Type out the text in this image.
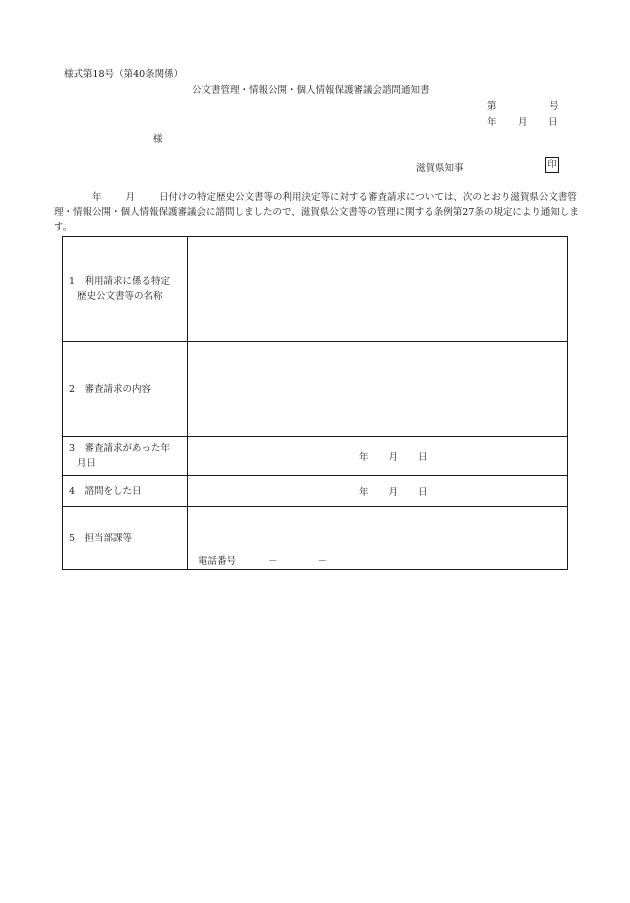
様式第18号（第40条関係）
公文書管理・情報公開・個人情報保護審議会諮問通知書
第	号
年 月 日
様
滋賀県知事	印
年	月	日付けの特定歴史公文書等の利用決定等に対する審査請求については、次のとおり滋賀県公文書管理・情報公開・個人情報保護審議会に諮問しましたので、滋賀県公文書等の管理に関する条例第27条の規定により通知します。
1　利用請求に係る特定
歴史公文書等の名称	

2　審査請求の内容	

3　審査請求があった年
月日	年 月 日

4　諮問をした日	年 月 日

5　担当部課等	電話番号 － －
